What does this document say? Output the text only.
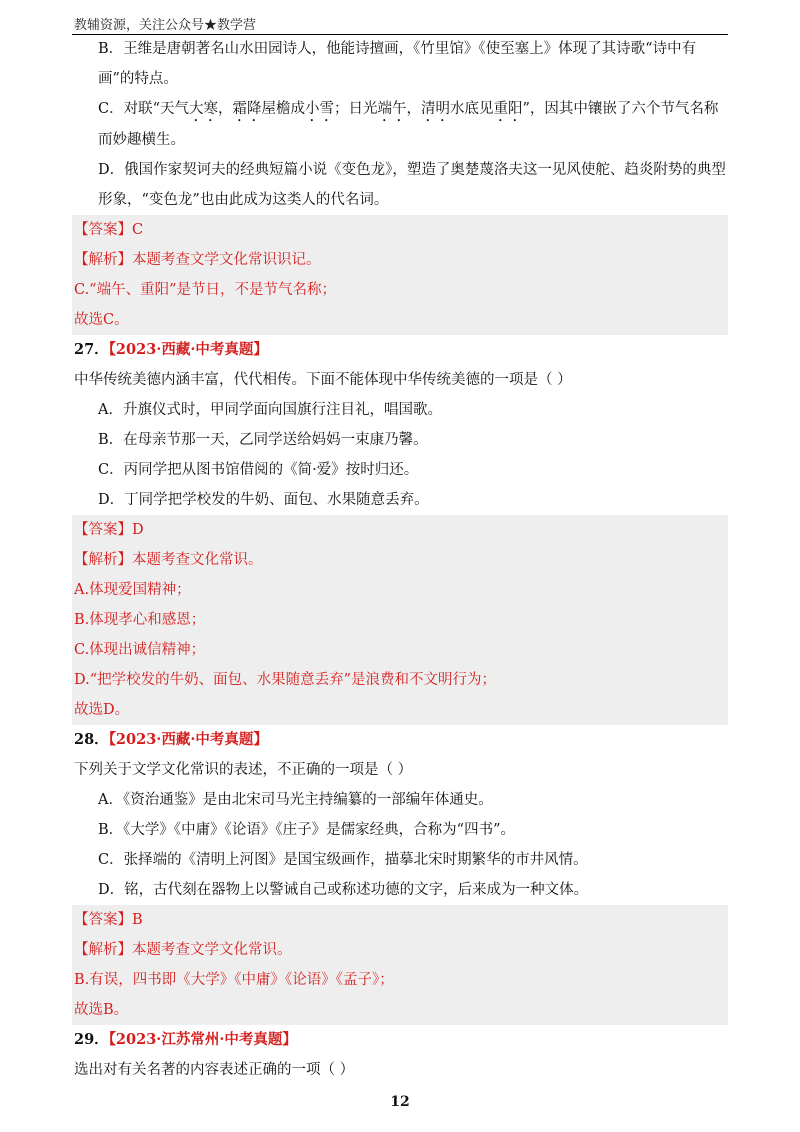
教辅资源，关注公众号★教学营
B．王维是唐朝著名山水田园诗人，他能诗擅画，《竹里馆》《使至塞上》体现了其诗歌“诗中有
画”的特点。
C．对联“天气大寒，霜降屋檐成小雪；日光端午，清明水底见重阳”，因其中镶嵌了六个节气名称
而妙趣横生。
D．俄国作家契诃夫的经典短篇小说《变色龙》，塑造了奥楚蔑洛夫这一见风使舵、趋炎附势的典型
形象，“变色龙”也由此成为这类人的代名词。
【答案】C
【解析】本题考查文学文化常识识记。
C.“端午、重阳”是节日，不是节气名称；
故选C。
27．【2023·西藏·中考真题】
中华传统美德内涵丰富，代代相传。下面不能体现中华传统美德的一项是（ ）
A．升旗仪式时，甲同学面向国旗行注目礼，唱国歌。
B．在母亲节那一天，乙同学送给妈妈一束康乃馨。
C．丙同学把从图书馆借阅的《简·爱》按时归还。
D．丁同学把学校发的牛奶、面包、水果随意丢弃。
【答案】D
【解析】本题考查文化常识。
A.体现爱国精神；
B.体现孝心和感恩；
C.体现出诚信精神；
D.“把学校发的牛奶、面包、水果随意丢弃”是浪费和不文明行为；
故选D。
28．【2023·西藏·中考真题】
下列关于文学文化常识的表述，不正确的一项是（ ）
A．《资治通鉴》是由北宋司马光主持编纂的一部编年体通史。
B．《大学》《中庸》《论语》《庄子》是儒家经典，合称为“四书”。
C．张择端的《清明上河图》是国宝级画作，描摹北宋时期繁华的市井风情。
D．铭，古代刻在器物上以警诫自己或称述功德的文字，后来成为一种文体。
【答案】B
【解析】本题考查文学文化常识。
B.有误，四书即《大学》《中庸》《论语》《孟子》；
故选B。
29．【2023·江苏常州·中考真题】
选出对有关名著的内容表述正确的一项（ ）
12
